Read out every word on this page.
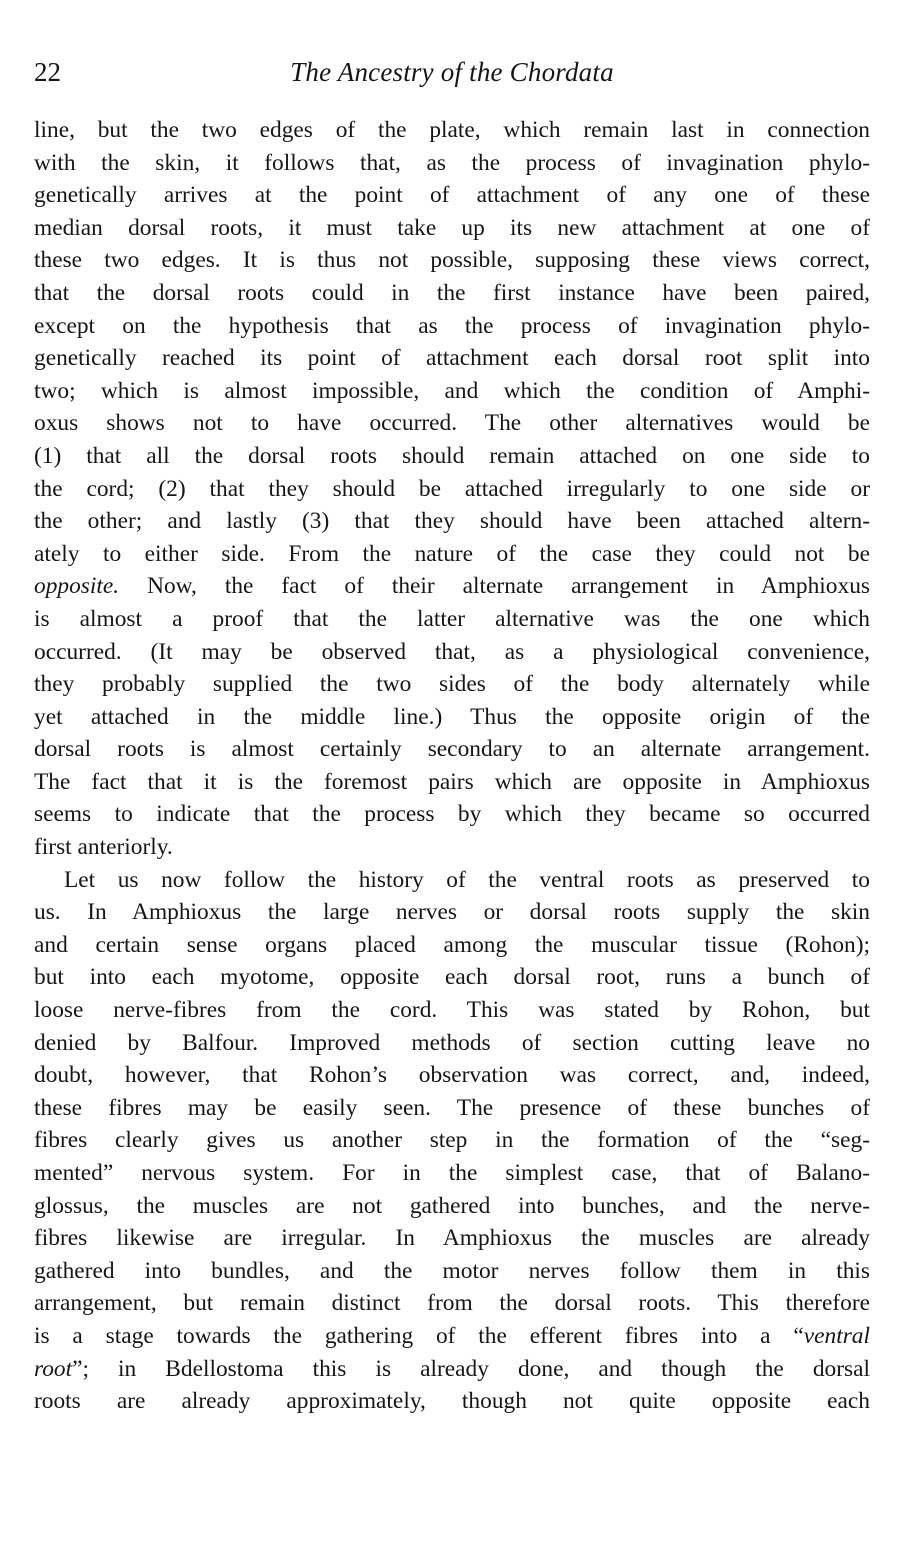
22	The Ancestry of the Chordata
line, but the two edges of the plate, which remain last in connection
with the skin, it follows that, as the process of invagination phylo-
genetically arrives at the point of attachment of any one of these
median dorsal roots, it must take up its new attachment at one of
these two edges. It is thus not possible, supposing these views correct,
that the dorsal roots could in the first instance have been paired,
except on the hypothesis that as the process of invagination phylo-
genetically reached its point of attachment each dorsal root split into
two; which is almost impossible, and which the condition of Amphi-
oxus shows not to have occurred. The other alternatives would be
(1) that all the dorsal roots should remain attached on one side to
the cord; (2) that they should be attached irregularly to one side or
the other; and lastly (3) that they should have been attached altern-
ately to either side. From the nature of the case they could not be
opposite. Now, the fact of their alternate arrangement in Amphioxus
is almost a proof that the latter alternative was the one which
occurred. (It may be observed that, as a physiological convenience,
they probably supplied the two sides of the body alternately while
yet attached in the middle line.) Thus the opposite origin of the
dorsal roots is almost certainly secondary to an alternate arrangement.
The fact that it is the foremost pairs which are opposite in Amphioxus
seems to indicate that the process by which they became so occurred
first anteriorly.
Let us now follow the history of the ventral roots as preserved to
us. In Amphioxus the large nerves or dorsal roots supply the skin
and certain sense organs placed among the muscular tissue (Rohon);
but into each myotome, opposite each dorsal root, runs a bunch of
loose nerve-fibres from the cord. This was stated by Rohon, but
denied by Balfour. Improved methods of section cutting leave no
doubt, however, that Rohon’s observation was correct, and, indeed,
these fibres may be easily seen. The presence of these bunches of
fibres clearly gives us another step in the formation of the “seg-
mented” nervous system. For in the simplest case, that of Balano-
glossus, the muscles are not gathered into bunches, and the nerve-
fibres likewise are irregular. In Amphioxus the muscles are already
gathered into bundles, and the motor nerves follow them in this
arrangement, but remain distinct from the dorsal roots. This therefore
is a stage towards the gathering of the efferent fibres into a “ventral
root”; in Bdellostoma this is already done, and though the dorsal
roots are already approximately, though not quite opposite each
